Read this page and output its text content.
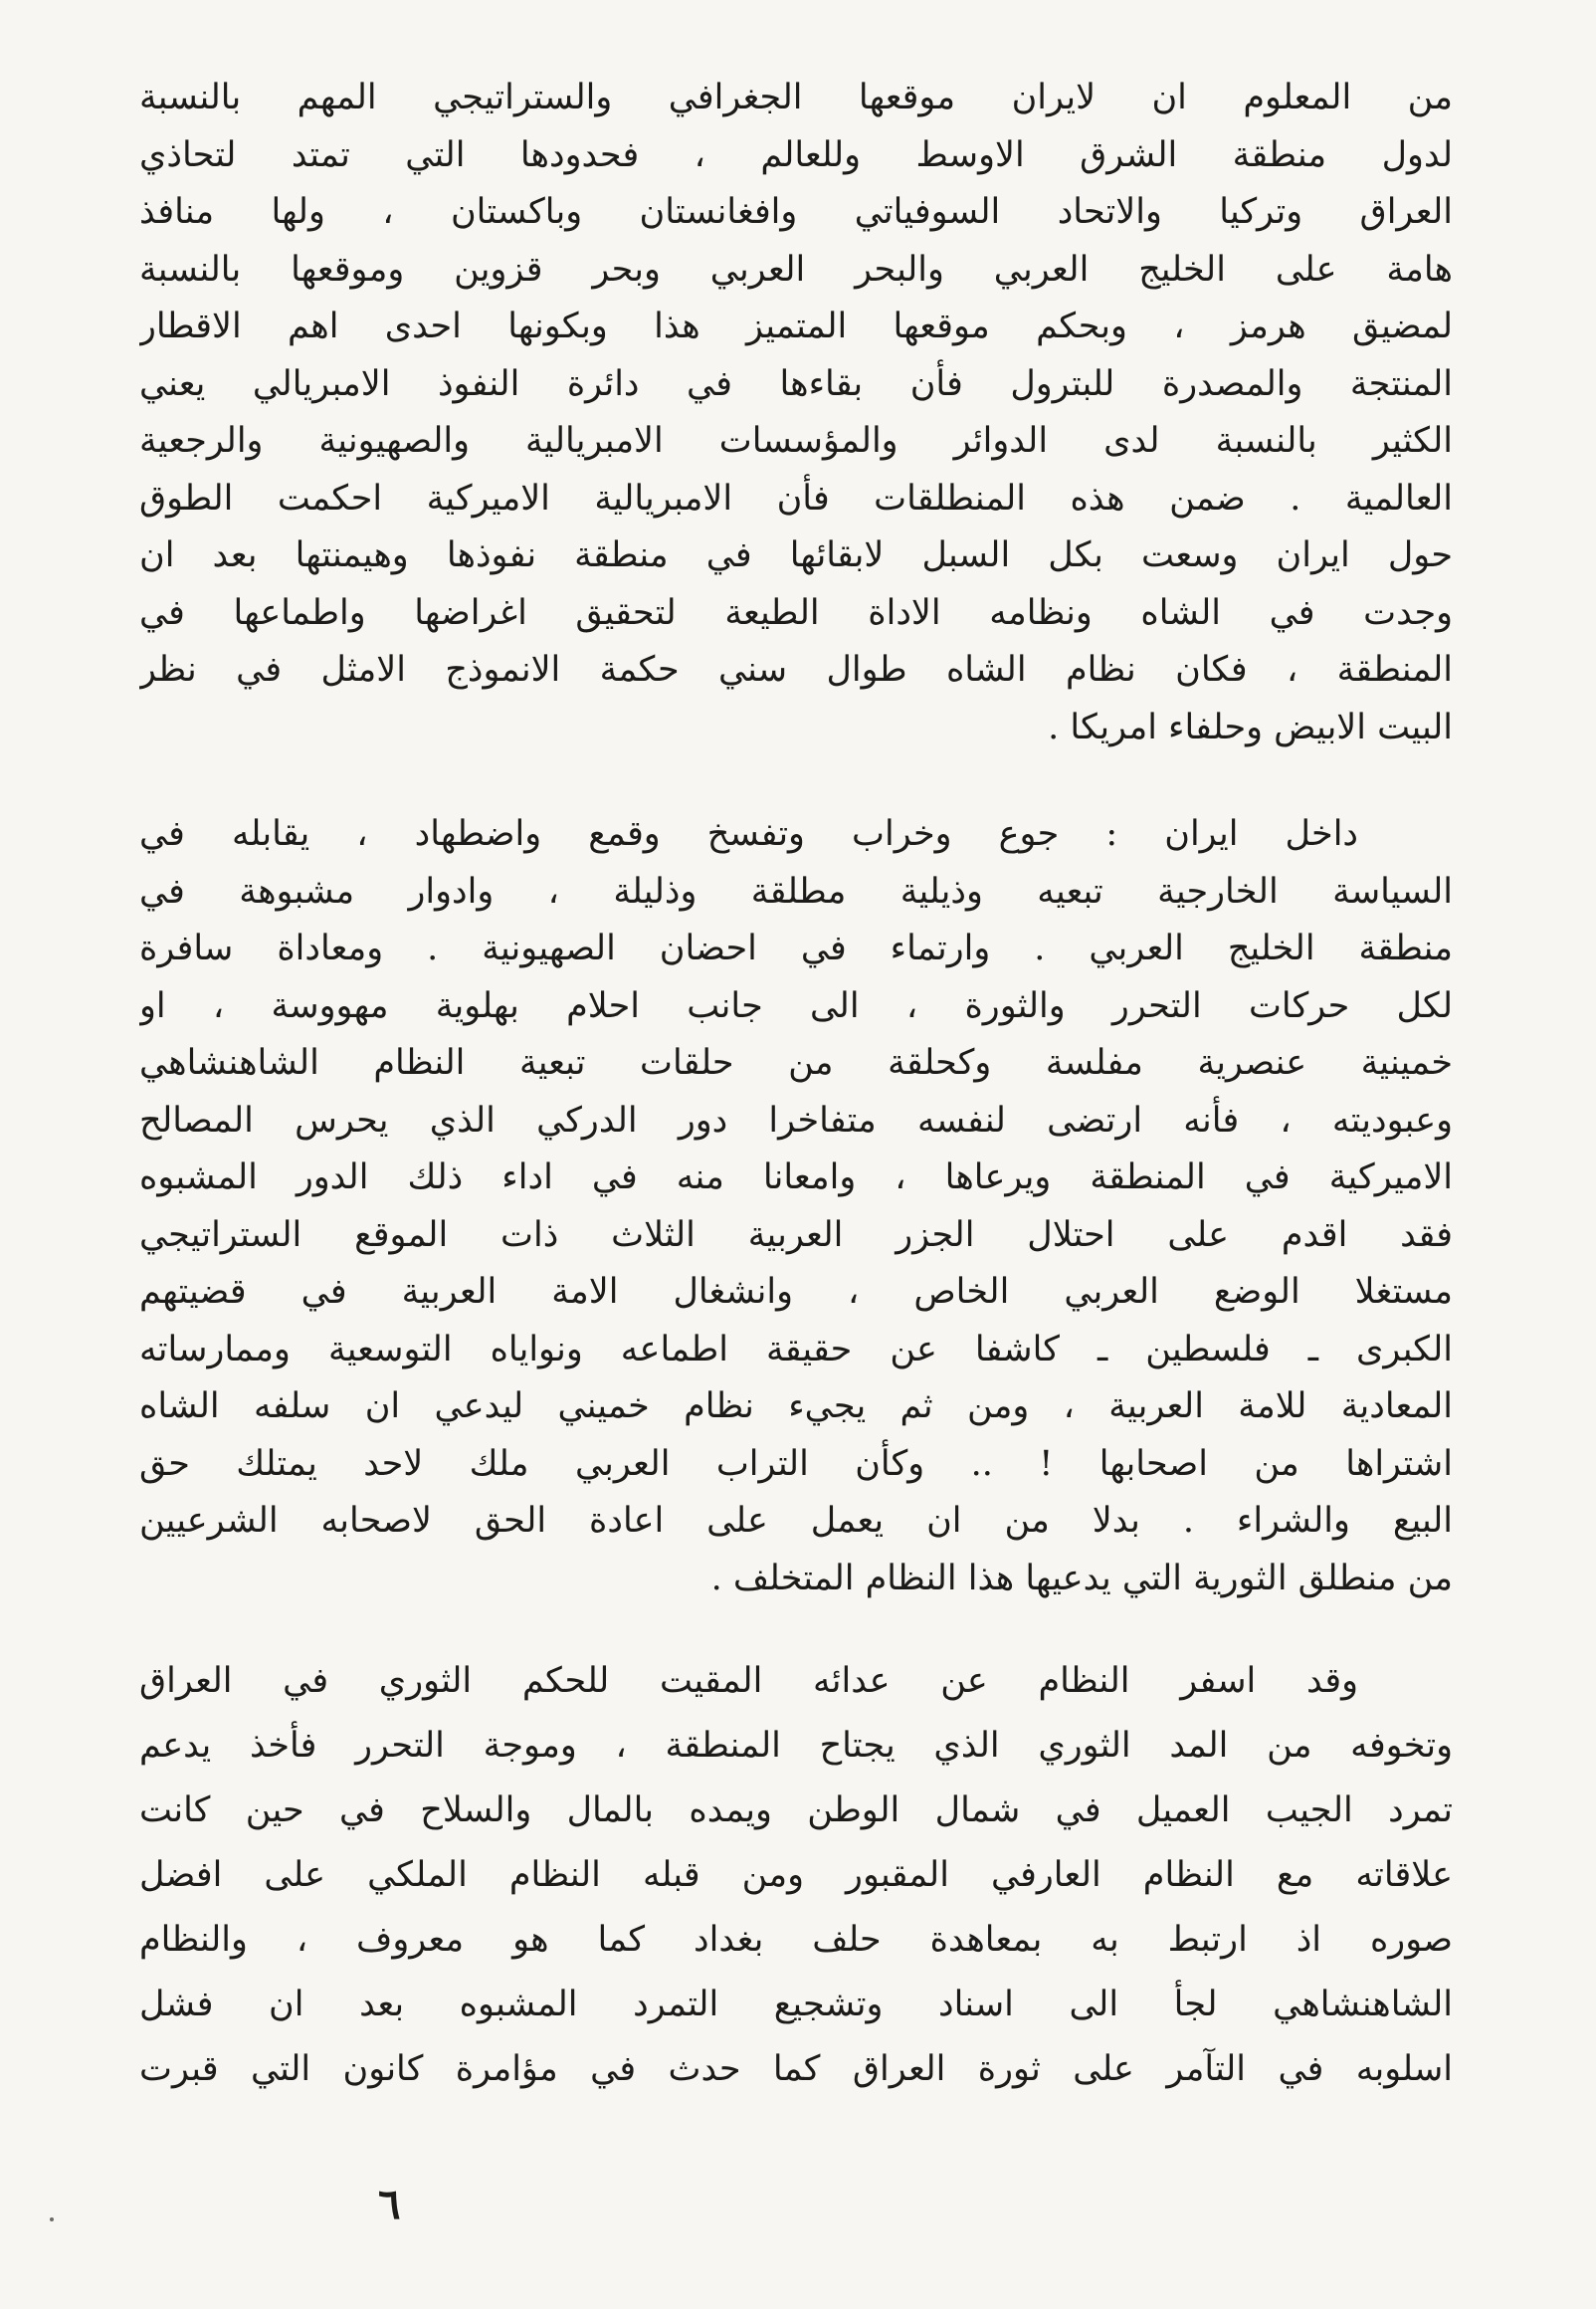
من المعلوم ان لايران موقعها الجغرافي والستراتيجي المهم بالنسبة
لدول منطقة الشرق الاوسط وللعالم ، فحدودها التي تمتد لتحاذي
العراق وتركيا والاتحاد السوفياتي وافغانستان وباكستان ، ولها منافذ
هامة على الخليج العربي والبحر العربي وبحر قزوين وموقعها بالنسبة
لمضيق هرمز ، وبحكم موقعها المتميز هذا وبكونها احدى اهم الاقطار
المنتجة والمصدرة للبترول فأن بقاءها في دائرة النفوذ الامبريالي يعني
الكثير بالنسبة لدى الدوائر والمؤسسات الامبريالية والصهيونية والرجعية
العالمية . ضمن هذه المنطلقات فأن الامبريالية الاميركية احكمت الطوق
حول ايران وسعت بكل السبل لابقائها في منطقة نفوذها وهيمنتها بعد ان
وجدت في الشاه ونظامه الاداة الطيعة لتحقيق اغراضها واطماعها في
المنطقة ، فكان نظام الشاه طوال سني حكمة الانموذج الامثل في نظر
البيت الابيض وحلفاء امريكا .
داخل ايران : جوع وخراب وتفسخ وقمع واضطهاد ، يقابله في
السياسة الخارجية تبعيه وذيلية مطلقة وذليلة ، وادوار مشبوهة في
منطقة الخليج العربي . وارتماء في احضان الصهيونية . ومعاداة سافرة
لكل حركات التحرر والثورة ، الى جانب احلام بهلوية مهووسة ، او
خمينية عنصرية مفلسة وكحلقة من حلقات تبعية النظام الشاهنشاهي
وعبوديته ، فأنه ارتضى لنفسه متفاخرا دور الدركي الذي يحرس المصالح
الاميركية في المنطقة ويرعاها ، وامعانا منه في اداء ذلك الدور المشبوه
فقد اقدم على احتلال الجزر العربية الثلاث ذات الموقع الستراتيجي
مستغلا الوضع العربي الخاص ، وانشغال الامة العربية في قضيتهم
الكبرى ـ فلسطين ـ كاشفا عن حقيقة اطماعه ونواياه التوسعية وممارساته
المعادية للامة العربية ، ومن ثم يجيء نظام خميني ليدعي ان سلفه الشاه
اشتراها من اصحابها ! .. وكأن التراب العربي ملك لاحد يمتلك حق
البيع والشراء . بدلا من ان يعمل على اعادة الحق لاصحابه الشرعيين
من منطلق الثورية التي يدعيها هذا النظام المتخلف .
وقد اسفر النظام عن عدائه المقيت للحكم الثوري في العراق
وتخوفه من المد الثوري الذي يجتاح المنطقة ، وموجة التحرر فأخذ يدعم
تمرد الجيب العميل في شمال الوطن ويمده بالمال والسلاح في حين كانت
علاقاته مع النظام العارفي المقبور ومن قبله النظام الملكي على افضل
صوره اذ ارتبط به بمعاهدة حلف بغداد كما هو معروف ، والنظام
الشاهنشاهي لجأ الى اسناد وتشجيع التمرد المشبوه بعد ان فشل
اسلوبه في التآمر على ثورة العراق كما حدث في مؤامرة كانون التي قبرت
٦
